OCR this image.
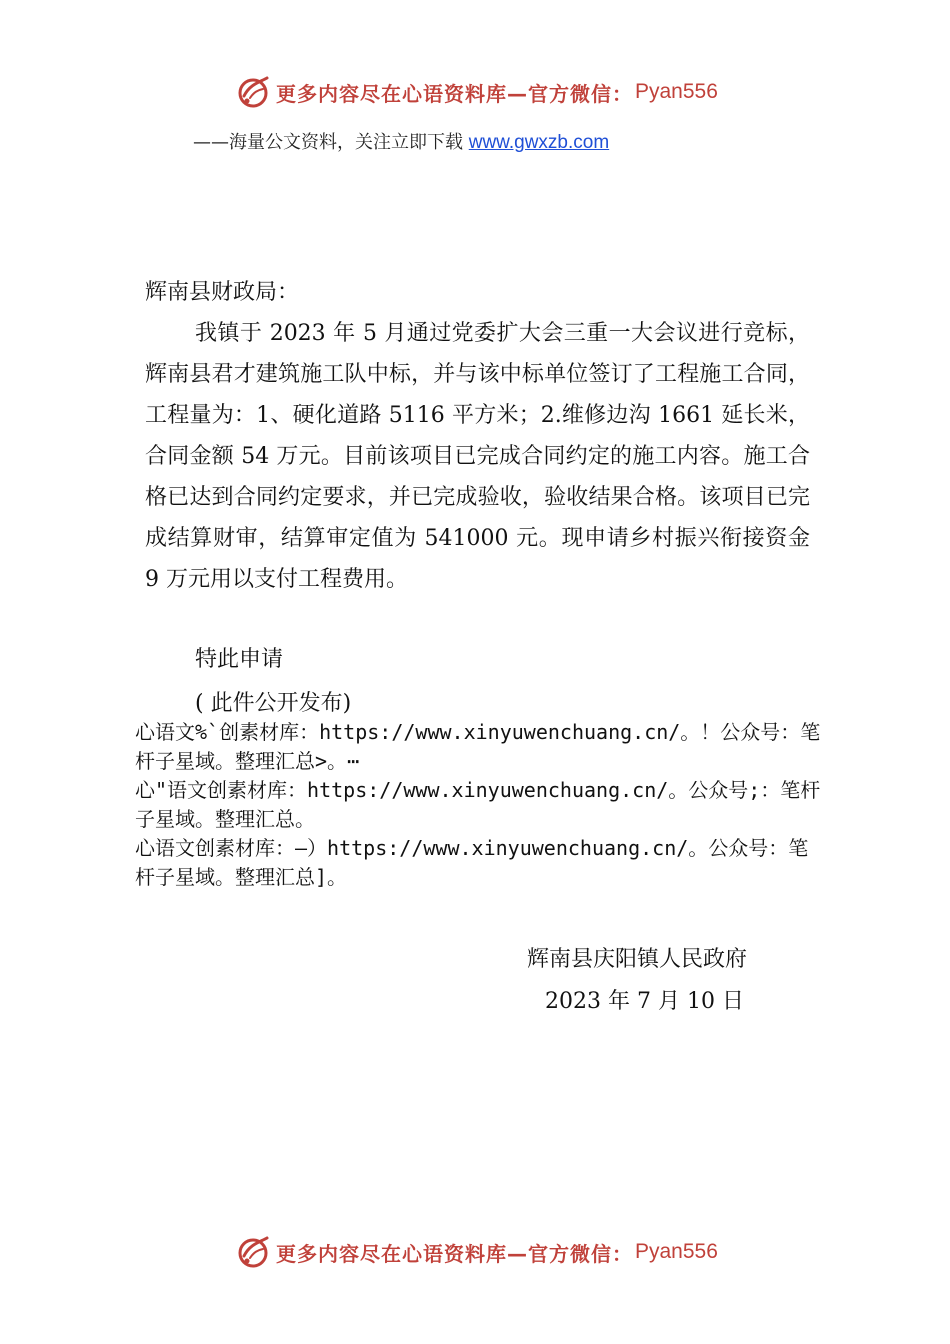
更多内容尽在心语资料库—官方微信： Pyan556
——海量公文资料，关注立即下载 www.gwxzb.com
辉南县财政局：

我镇于 2023 年 5 月通过党委扩大会三重一大会议进行竞标，辉南县君才建筑施工队中标，并与该中标单位签订了工程施工合同，工程量为：1、硬化道路 5116 平方米；2.维修边沟 1661 延长米，合同金额 54 万元。目前该项目已完成合同约定的施工内容。施工合格已达到合同约定要求，并已完成验收，验收结果合格。该项目已完成结算财审，结算审定值为 541000 元。现申请乡村振兴衔接资金 9 万元用以支付工程费用。

特此申请
( 此件公开发布)

心语文%`创素材库：https://www.xinyuwenchuang.cn/。！公众号：笔杆子星域。整理汇总>。⋯

心"语文创素材库：https://www.xinyuwenchuang.cn/。公众号;：笔杆子星域。整理汇总。

心语文创素材库：—）https://www.xinyuwenchuang.cn/。公众号：笔杆子星域。整理汇总]。

辉南县庆阳镇人民政府
2023 年 7 月 10 日
更多内容尽在心语资料库—官方微信： Pyan556
